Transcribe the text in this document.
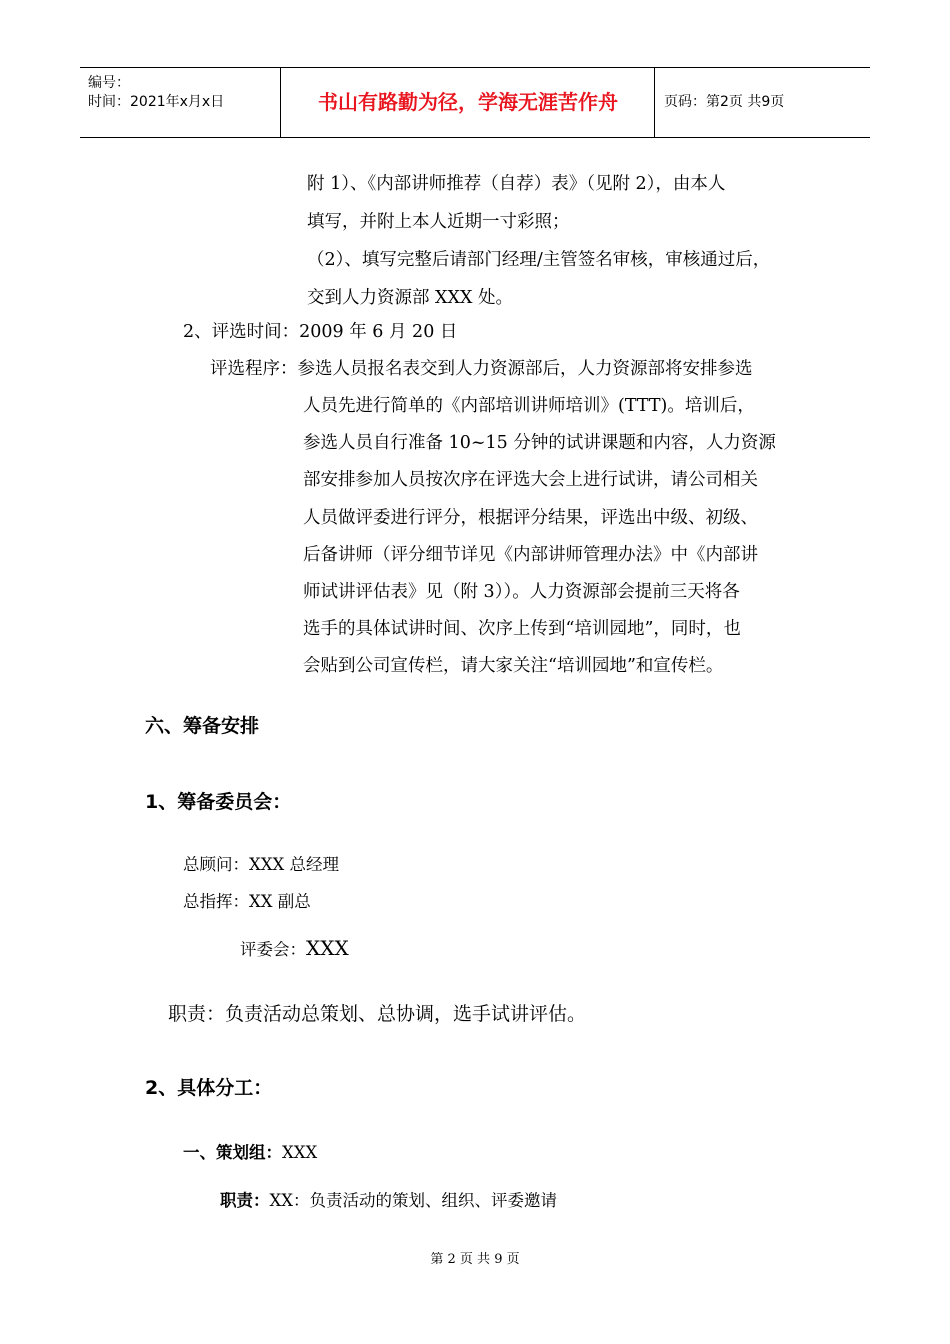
编号：
时间：2021年x月x日	书山有路勤为径，学海无涯苦作舟	页码：第2页 共9页
附 1）、《内部讲师推荐（自荐）表》（见附 2），由本人
填写，并附上本人近期一寸彩照；
（2）、填写完整后请部门经理/主管签名审核，审核通过后，
交到人力资源部 XXX 处。
2、评选时间：2009 年 6 月 20 日
评选程序：参选人员报名表交到人力资源部后，人力资源部将安排参选
人员先进行简单的《内部培训讲师培训》(TTT)。培训后，
参选人员自行准备 10~15 分钟的试讲课题和内容，人力资源
部安排参加人员按次序在评选大会上进行试讲，请公司相关
人员做评委进行评分，根据评分结果，评选出中级、初级、
后备讲师（评分细节详见《内部讲师管理办法》中《内部讲
师试讲评估表》见（附 3））。人力资源部会提前三天将各
选手的具体试讲时间、次序上传到“培训园地”，同时，也
会贴到公司宣传栏，请大家关注“培训园地”和宣传栏。
六、筹备安排
1、筹备委员会：
总顾问：XXX 总经理
总指挥：XX 副总
评委会：XXX
职责：负责活动总策划、总协调，选手试讲评估。
2、具体分工：
一、策划组：XXX
职责：XX：负责活动的策划、组织、评委邀请
第 2 页 共 9 页
